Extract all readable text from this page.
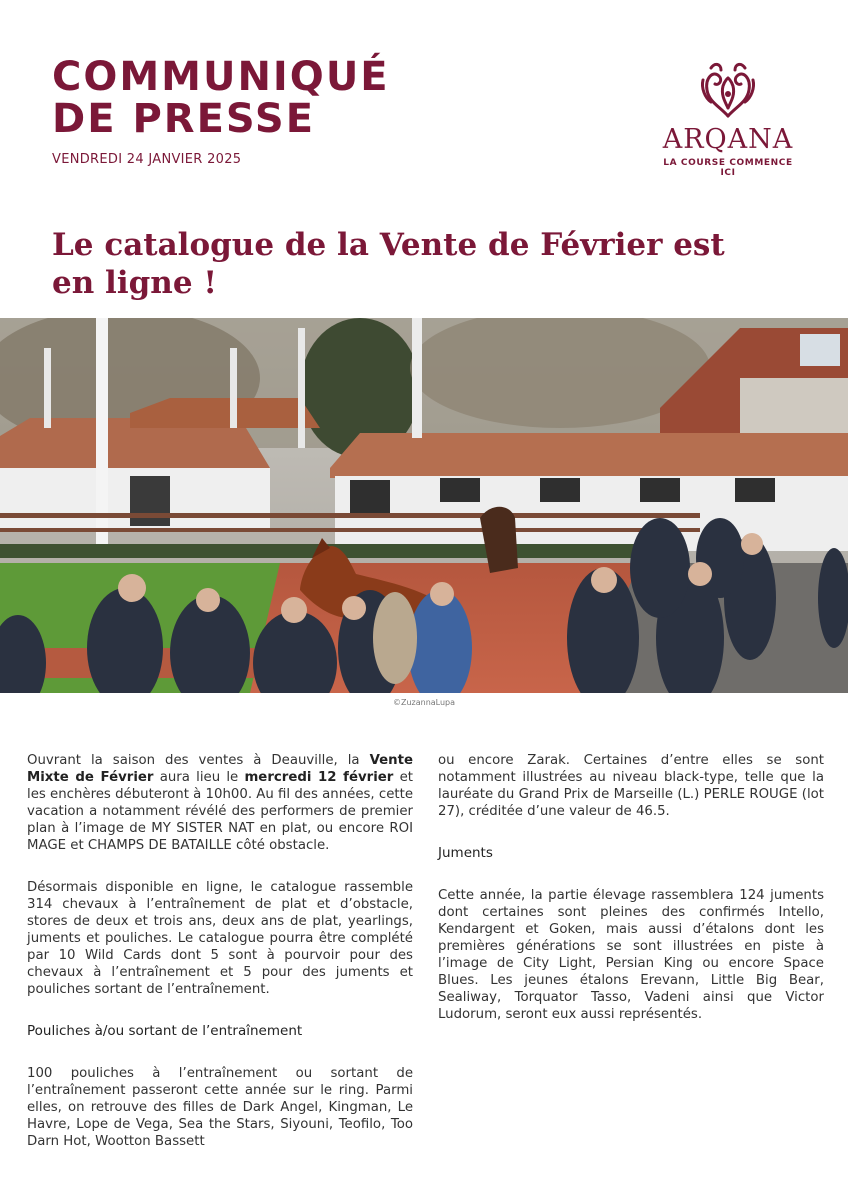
COMMUNIQUÉ
DE PRESSE
VENDREDI 24 JANVIER 2025
ARQANA
LA COURSE COMMENCE ICI
Le catalogue de la Vente de Février est en ligne !
©ZuzannaLupa

Ouvrant la saison des ventes à Deauville, la Vente Mixte de Février aura lieu le mercredi 12 février et les enchères débuteront à 10h00. Au fil des années, cette vacation a notamment révélé des performers de premier plan à l’image de MY SISTER NAT en plat, ou encore ROI MAGE et CHAMPS DE BATAILLE côté obstacle.

Désormais disponible en ligne, le catalogue rassemble 314 chevaux à l’entraînement de plat et d’obstacle, stores de deux et trois ans, deux ans de plat, yearlings, juments et pouliches. Le catalogue pourra être complété par 10 Wild Cards dont 5 sont à pourvoir pour des chevaux à l’entraînement et 5 pour des juments et pouliches sortant de l’entraînement.

Pouliches à/ou sortant de l’entraînement

100 pouliches à l’entraînement ou sortant de l’entraînement passeront cette année sur le ring. Parmi elles, on retrouve des filles de Dark Angel, Kingman, Le Havre, Lope de Vega, Sea the Stars, Siyouni, Teofilo, Too Darn Hot, Wootton Bassett

ou encore Zarak. Certaines d’entre elles se sont notamment illustrées au niveau black-type, telle que la lauréate du Grand Prix de Marseille (L.) PERLE ROUGE (lot 27), créditée d’une valeur de 46.5.

Juments

Cette année, la partie élevage rassemblera 124 juments dont certaines sont pleines des confirmés Intello, Kendargent et Goken, mais aussi d’étalons dont les premières générations se sont illustrées en piste à l’image de City Light, Persian King ou encore Space Blues. Les jeunes étalons Erevann, Little Big Bear, Sealiway, Torquator Tasso, Vadeni ainsi que Victor Ludorum, seront eux aussi représentés.
